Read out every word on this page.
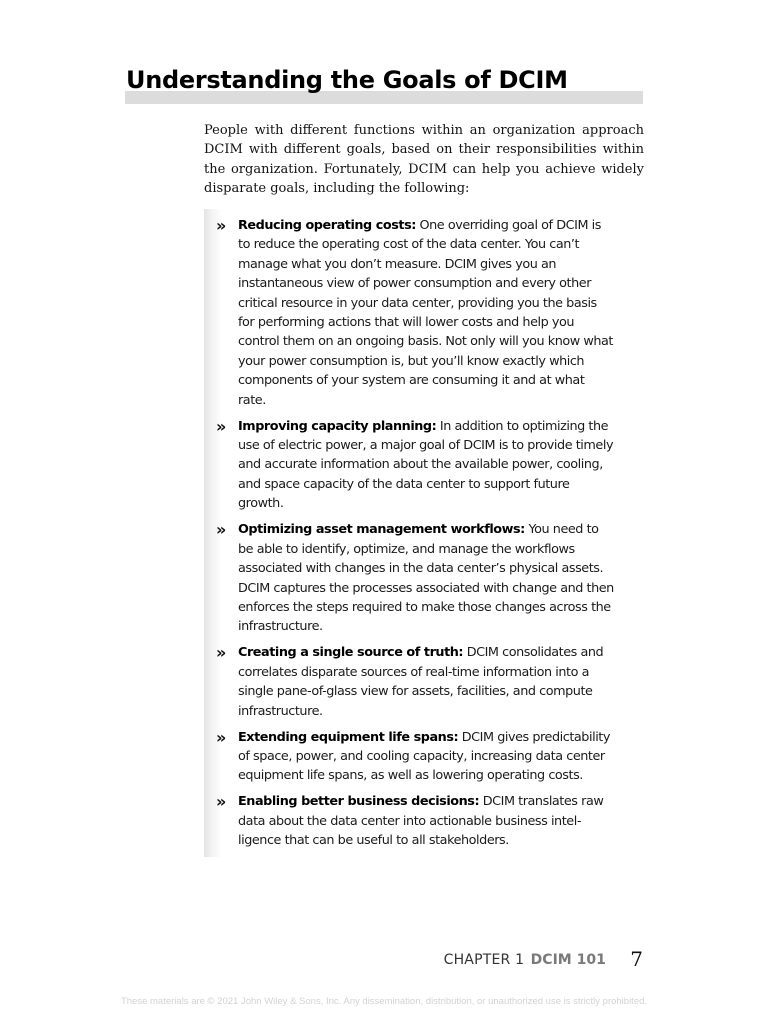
Understanding the Goals of DCIM

People with different functions within an organization approach DCIM with different goals, based on their responsibilities within the organization. Fortunately, DCIM can help you achieve widely disparate goals, including the following:

» Reducing operating costs: One overriding goal of DCIM is to reduce the operating cost of the data center. You can’t manage what you don’t measure. DCIM gives you an instantaneous view of power consumption and every other critical resource in your data center, providing you the basis for performing actions that will lower costs and help you control them on an ongoing basis. Not only will you know what your power consumption is, but you’ll know exactly which components of your system are consuming it and at what rate.
» Improving capacity planning: In addition to optimizing the use of electric power, a major goal of DCIM is to provide timely and accurate information about the available power, cooling, and space capacity of the data center to support future growth.
» Optimizing asset management workflows: You need to be able to identify, optimize, and manage the workflows associated with changes in the data center’s physical assets. DCIM captures the processes associated with change and then enforces the steps required to make those changes across the infrastructure.
» Creating a single source of truth: DCIM consolidates and correlates disparate sources of real-time information into a single pane-of-glass view for assets, facilities, and compute infrastructure.
» Extending equipment life spans: DCIM gives predictability of space, power, and cooling capacity, increasing data center equipment life spans, as well as lowering operating costs.
» Enabling better business decisions: DCIM translates raw data about the data center into actionable business intel-ligence that can be useful to all stakeholders.
CHAPTER 1 DCIM 101 7
These materials are © 2021 John Wiley & Sons, Inc. Any dissemination, distribution, or unauthorized use is strictly prohibited.
